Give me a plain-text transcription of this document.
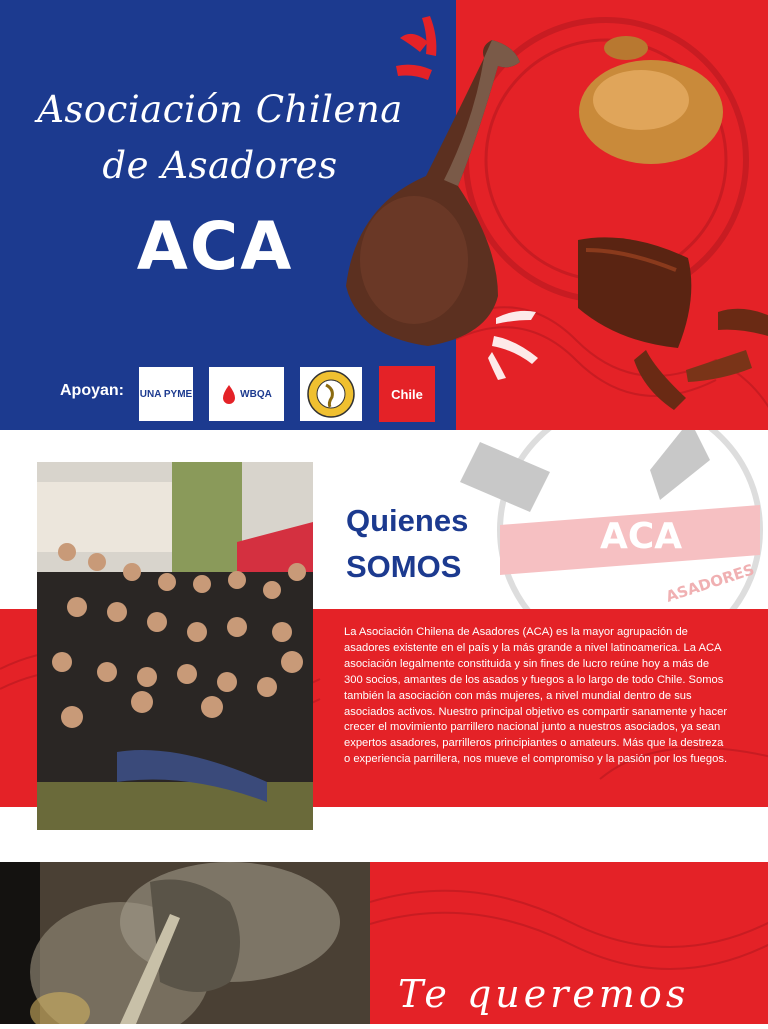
Asociación Chilena
de Asadores
ACA
Apoyan: UNA PYME	WBQA	Chile
ACA
ASADORES
Quienes
SOMOS
La Asociación Chilena de Asadores (ACA) es la mayor agrupación de asadores existente en el país y la más grande a nivel latinoamerica. La ACA asociación legalmente constituida y sin fines de lucro reúne hoy a más de 300 socios, amantes de los asados y fuegos a lo largo de todo Chile. Somos también la asociación con más mujeres, a nivel mundial dentro de sus asociados activos. Nuestro principal objetivo es compartir sanamente y hacer crecer el movimiento parrillero nacional junto a nuestros asociados, ya sean expertos asadores, parrilleros principiantes o amateurs. Más que la destreza o experiencia parrillera, nos mueve el compromiso y la pasión por los fuegos.
Te queremos
